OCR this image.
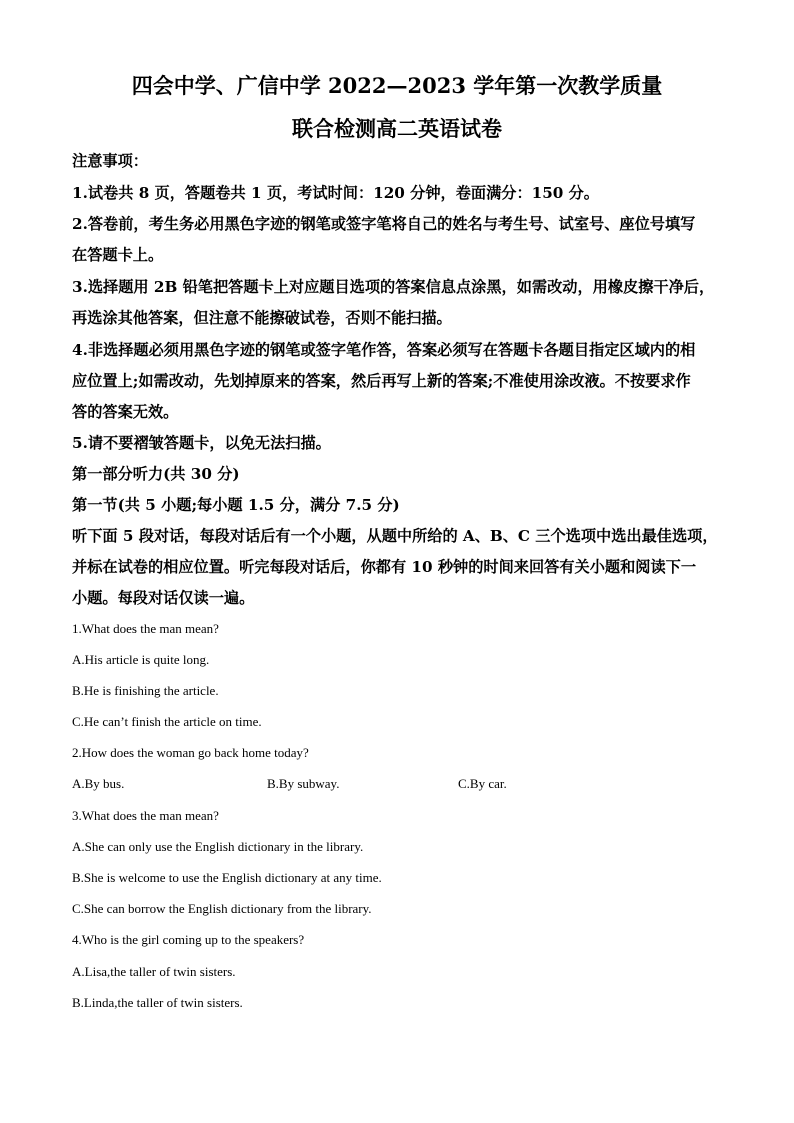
四会中学、广信中学 2022—2023 学年第一次教学质量
联合检测高二英语试卷
注意事项：
1.试卷共 8 页，答题卷共 1 页，考试时间：120 分钟，卷面满分：150 分。
2.答卷前，考生务必用黑色字迹的钢笔或签字笔将自己的姓名与考生号、试室号、座位号填写
在答题卡上。
3.选择题用 2B 铅笔把答题卡上对应题目选项的答案信息点涂黑，如需改动，用橡皮擦干净后，
再选涂其他答案，但注意不能擦破试卷，否则不能扫描。
4.非选择题必须用黑色字迹的钢笔或签字笔作答，答案必须写在答题卡各题目指定区域内的相
应位置上;如需改动，先划掉原来的答案，然后再写上新的答案;不准使用涂改液。不按要求作
答的答案无效。
5.请不要褶皱答题卡，以免无法扫描。
第一部分听力(共 30 分)
第一节(共 5 小题;每小题 1.5 分，满分 7.5 分)
听下面 5 段对话，每段对话后有一个小题，从题中所给的 A、B、C 三个选项中选出最佳选项，
并标在试卷的相应位置。听完每段对话后，你都有 10 秒钟的时间来回答有关小题和阅读下一
小题。每段对话仅读一遍。
1.What does the man mean?
A.His article is quite long.
B.He is finishing the article.
C.He can’t finish the article on time.
2.How does the woman go back home today?
A.By bus.	B.By subway.	C.By car.
3.What does the man mean?
A.She can only use the English dictionary in the library.
B.She is welcome to use the English dictionary at any time.
C.She can borrow the English dictionary from the library.
4.Who is the girl coming up to the speakers?
A.Lisa,the taller of twin sisters.
B.Linda,the taller of twin sisters.
